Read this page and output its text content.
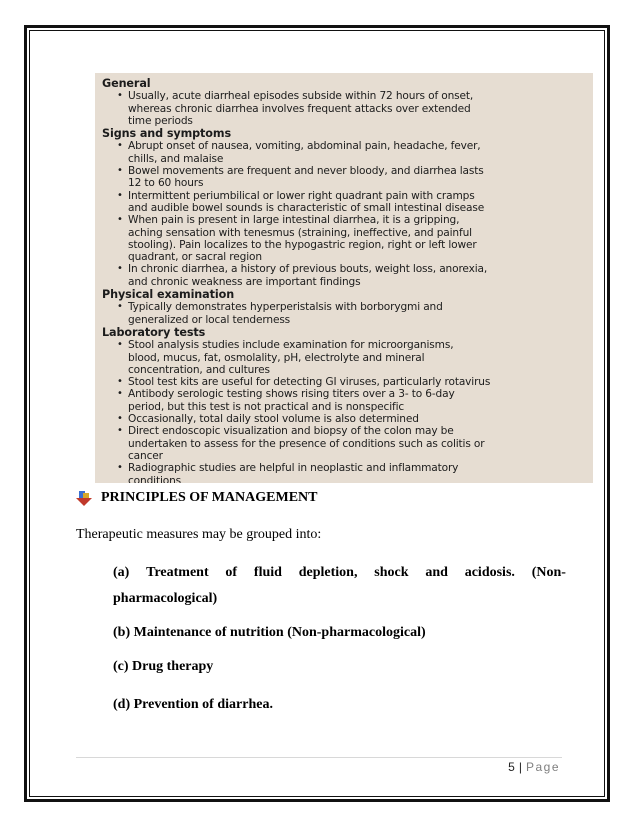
General
• Usually, acute diarrheal episodes subside within 72 hours of onset,
whereas chronic diarrhea involves frequent attacks over extended
time periods
Signs and symptoms
• Abrupt onset of nausea, vomiting, abdominal pain, headache, fever,
chills, and malaise
• Bowel movements are frequent and never bloody, and diarrhea lasts
12 to 60 hours
• Intermittent periumbilical or lower right quadrant pain with cramps
and audible bowel sounds is characteristic of small intestinal disease
• When pain is present in large intestinal diarrhea, it is a gripping,
aching sensation with tenesmus (straining, ineffective, and painful
stooling). Pain localizes to the hypogastric region, right or left lower
quadrant, or sacral region
• In chronic diarrhea, a history of previous bouts, weight loss, anorexia,
and chronic weakness are important findings
Physical examination
• Typically demonstrates hyperperistalsis with borborygmi and
generalized or local tenderness
Laboratory tests
• Stool analysis studies include examination for microorganisms,
blood, mucus, fat, osmolality, pH, electrolyte and mineral
concentration, and cultures
• Stool test kits are useful for detecting GI viruses, particularly rotavirus
• Antibody serologic testing shows rising titers over a 3- to 6-day
period, but this test is not practical and is nonspecific
• Occasionally, total daily stool volume is also determined
• Direct endoscopic visualization and biopsy of the colon may be
undertaken to assess for the presence of conditions such as colitis or
cancer
• Radiographic studies are helpful in neoplastic and inflammatory
conditions
PRINCIPLES OF MANAGEMENT
Therapeutic measures may be grouped into:
(a) Treatment of fluid depletion, shock and acidosis. (Non-
pharmacological)
(b) Maintenance of nutrition (Non-pharmacological)
(c) Drug therapy
(d) Prevention of diarrhea.
5 | Page
